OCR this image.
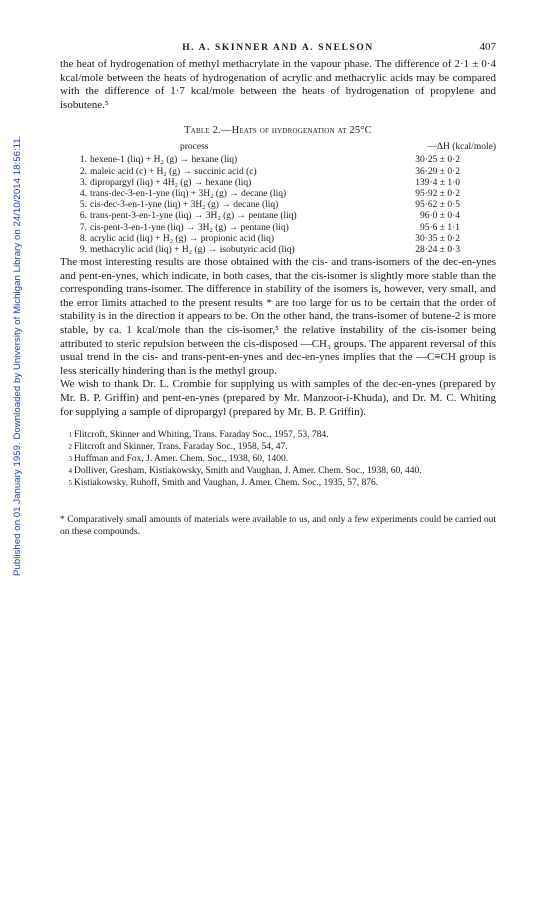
Published on 01 January 1959. Downloaded by University of Michigan Library on 24/10/2014 18:56:11.
H. A. SKINNER AND A. SNELSON	407

the heat of hydrogenation of methyl methacrylate in the vapour phase. The difference of 2·1 ± 0·4 kcal/mole between the heats of hydrogenation of acrylic and methacrylic acids may be compared with the difference of 1·7 kcal/mole between the heats of hydrogenation of propylene and isobutene.⁵

Table 2.—Heats of hydrogenation at 25°C
process	—ΔH (kcal/mole)
1. hexene-1 (liq) + H₂ (g) → hexane (liq)	30·25 ± 0·2
2. maleic acid (c) + H₂ (g) → succinic acid (c)	36·29 ± 0·2
3. dipropargyl (liq) + 4H₂ (g) → hexane (liq)	139·4 ± 1·0
4. trans-dec-3-en-1-yne (liq) + 3H₂ (g) → decane (liq)	95·92 ± 0·2
5. cis-dec-3-en-1-yne (liq) + 3H₂ (g) → decane (liq)	95·62 ± 0·5
6. trans-pent-3-en-1-yne (liq) → 3H₂ (g) → pentane (liq)	96·0 ± 0·4
7. cis-pent-3-en-1-yne (liq) → 3H₂ (g) → pentane (liq)	95·6 ± 1·1
8. acrylic acid (liq) + H₂ (g) → propionic acid (liq)	30·35 ± 0·2
9. methacrylic acid (liq) + H₂ (g) → isobutyric acid (liq)	28·24 ± 0·3

The most interesting results are those obtained with the cis- and trans-isomers of the dec-en-ynes and pent-en-ynes, which indicate, in both cases, that the cis-isomer is slightly more stable than the corresponding trans-isomer. The difference in stability of the isomers is, however, very small, and the error limits attached to the present results * are too large for us to be certain that the order of stability is in the direction it appears to be. On the other hand, the trans-isomer of butene-2 is more stable, by ca. 1 kcal/mole than the cis-isomer,⁵ the relative instability of the cis-isomer being attributed to steric repulsion between the cis-disposed —CH₃ groups. The apparent reversal of this usual trend in the cis- and trans-pent-en-ynes and dec-en-ynes implies that the —C≡CH group is less sterically hindering than is the methyl group.

We wish to thank Dr. L. Crombie for supplying us with samples of the dec-en-ynes (prepared by Mr. B. P. Griffin) and pent-en-ynes (prepared by Mr. Manzoor-i-Khuda), and Dr. M. C. Whiting for supplying a sample of dipropargyl (prepared by Mr. B. P. Griffin).

1 Flitcroft, Skinner and Whiting, Trans. Faraday Soc., 1957, 53, 784.
2 Flitcroft and Skinner, Trans. Faraday Soc., 1958, 54, 47.
3 Huffman and Fox, J. Amer. Chem. Soc., 1938, 60, 1400.
4 Dolliver, Gresham, Kistiakowsky, Smith and Vaughan, J. Amer. Chem. Soc., 1938, 60, 440.
5 Kistiakowsky, Ruhoff, Smith and Vaughan, J. Amer. Chem. Soc., 1935, 57, 876.
* Comparatively small amounts of materials were available to us, and only a few experiments could be carried out on these compounds.
